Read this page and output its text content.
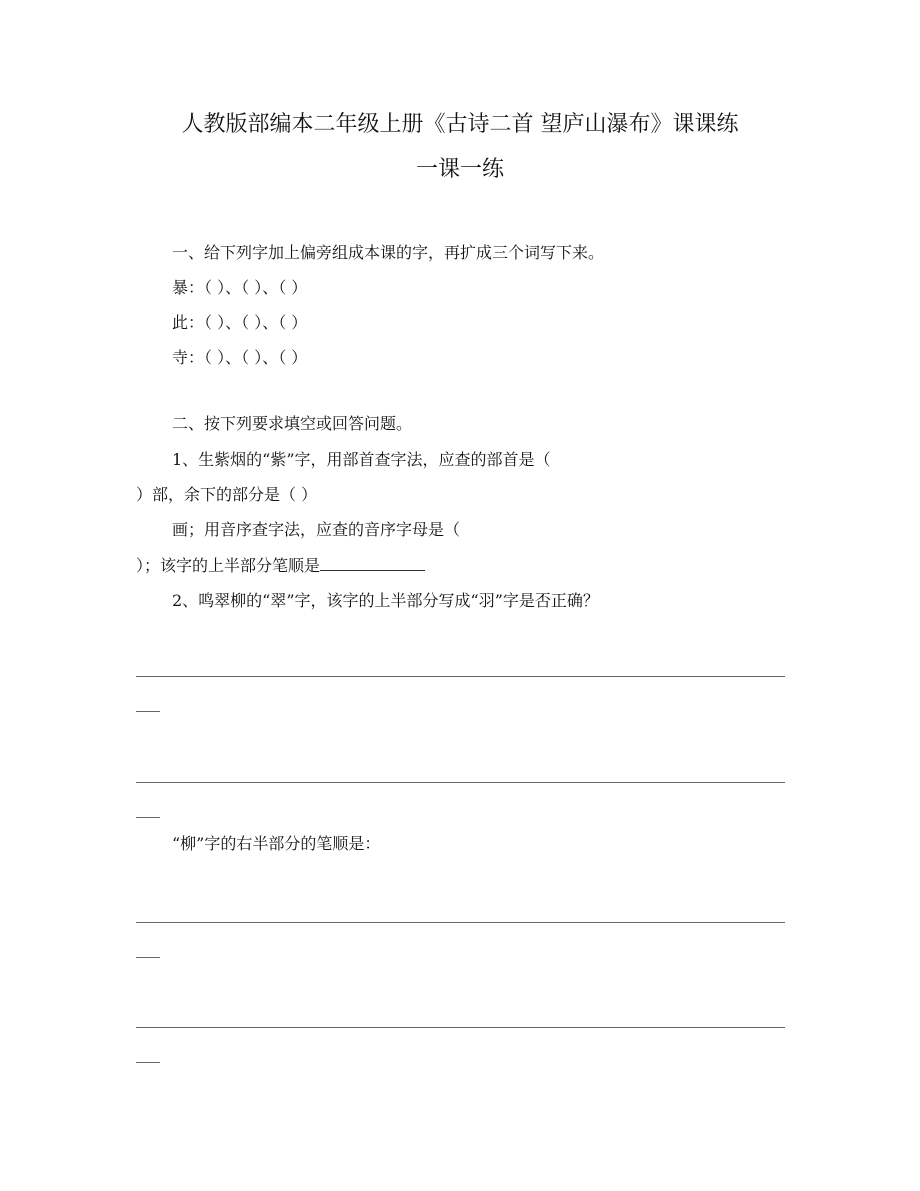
人教版部编本二年级上册《古诗二首 望庐山瀑布》课课练
一课一练
一、给下列字加上偏旁组成本课的字，再扩成三个词写下来。
暴：（ ）、（ ）、（ ）
此：（ ）、（ ）、（ ）
寺：（ ）、（ ）、（ ）
二、按下列要求填空或回答问题。
1、生紫烟的“紫”字，用部首查字法，应查的部首是（
）部，余下的部分是（ ）
画；用音序查字法，应查的音序字母是（
）；该字的上半部分笔顺是
2、鸣翠柳的“翠”字，该字的上半部分写成“羽”字是否正确？
“柳”字的右半部分的笔顺是：
